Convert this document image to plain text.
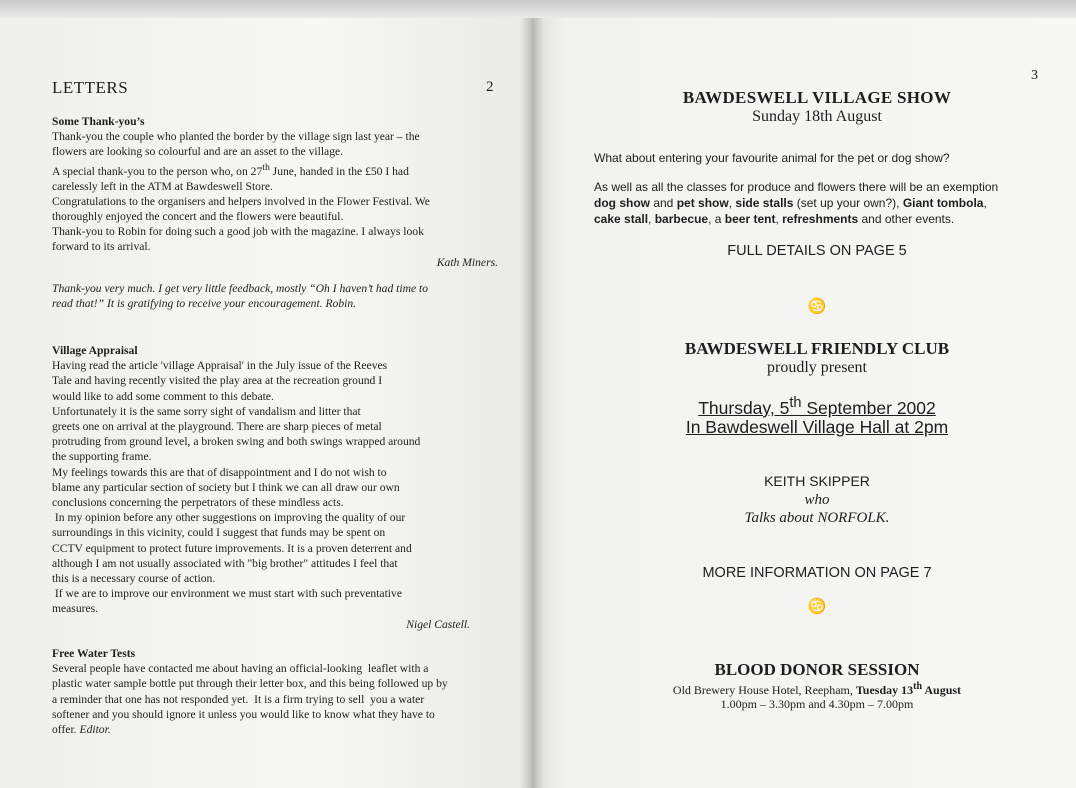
LETTERS	2

Some Thank-you’s

Thank-you the couple who planted the border by the village sign last year – the

flowers are looking so colourful and are an asset to the village.

A special thank-you to the person who, on 27th June, handed in the £50 I had

carelessly left in the ATM at Bawdeswell Store.

Congratulations to the organisers and helpers involved in the Flower Festival. We

thoroughly enjoyed the concert and the flowers were beautiful.

Thank-you to Robin for doing such a good job with the magazine. I always look

forward to its arrival.

Kath Miners.

Thank-you very much. I get very little feedback, mostly “Oh I haven’t had time to

read that!” It is gratifying to receive your encouragement. Robin.

Village Appraisal

Having read the article 'village Appraisal' in the July issue of the Reeves

Tale and having recently visited the play area at the recreation ground I

would like to add some comment to this debate.

Unfortunately it is the same sorry sight of vandalism and litter that

greets one on arrival at the playground. There are sharp pieces of metal

protruding from ground level, a broken swing and both swings wrapped around

the supporting frame.

My feelings towards this are that of disappointment and I do not wish to

blame any particular section of society but I think we can all draw our own

conclusions concerning the perpetrators of these mindless acts.

In my opinion before any other suggestions on improving the quality of our

surroundings in this vicinity, could I suggest that funds may be spent on

CCTV equipment to protect future improvements. It is a proven deterrent and

although I am not usually associated with "big brother" attitudes I feel that

this is a necessary course of action.

If we are to improve our environment we must start with such preventative

measures.

Nigel Castell.

Free Water Tests

Several people have contacted me about having an official-looking  leaflet with a

plastic water sample bottle put through their letter box, and this being followed up by

a reminder that one has not responded yet.  It is a firm trying to sell  you a water

softener and you should ignore it unless you would like to know what they have to

offer. Editor.

3
BAWDESWELL VILLAGE SHOW
Sunday 18th August
What about entering your favourite animal for the pet or dog show?
As well as all the classes for produce and flowers there will be an exemption
dog show and pet show, side stalls (set up your own?), Giant tombola,
cake stall, barbecue, a beer tent, refreshments and other events.
FULL DETAILS ON PAGE 5
♋
BAWDESWELL FRIENDLY CLUB
proudly present
Thursday, 5th September 2002
In Bawdeswell Village Hall at 2pm
KEITH SKIPPER
who
Talks about NORFOLK.
MORE INFORMATION ON PAGE 7
♋
BLOOD DONOR SESSION
Old Brewery House Hotel, Reepham, Tuesday 13th August
1.00pm – 3.30pm and 4.30pm – 7.00pm
